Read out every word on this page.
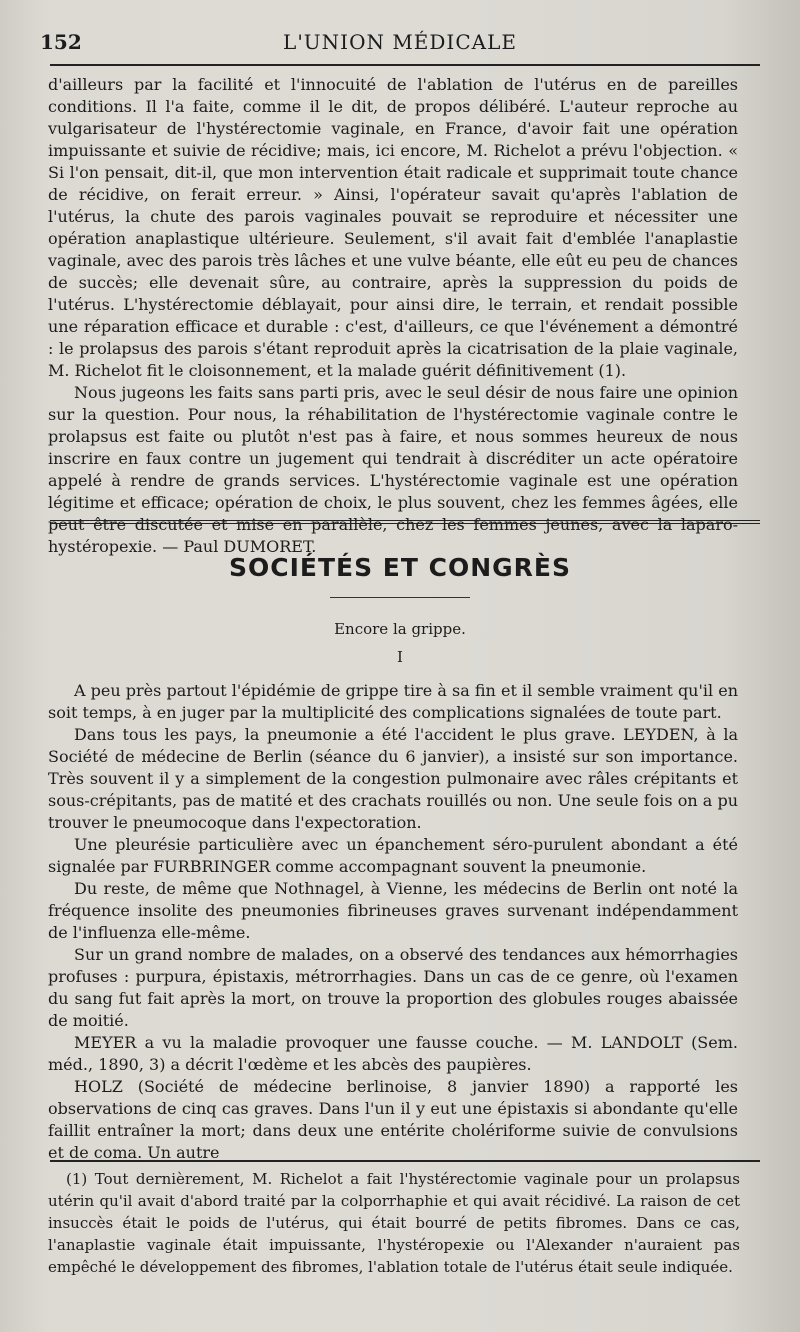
152	L'UNION MÉDICALE

d'ailleurs par la facilité et l'innocuité de l'ablation de l'utérus en de pareilles conditions. Il l'a faite, comme il le dit, de propos délibéré. L'auteur reproche au vulgarisateur de l'hystérectomie vaginale, en France, d'avoir fait une opération impuissante et suivie de récidive; mais, ici encore, M. Richelot a prévu l'objection. « Si l'on pensait, dit-il, que mon intervention était radicale et supprimait toute chance de récidive, on ferait erreur. » Ainsi, l'opérateur savait qu'après l'ablation de l'utérus, la chute des parois vaginales pouvait se reproduire et nécessiter une opération anaplastique ultérieure. Seulement, s'il avait fait d'emblée l'anaplastie vaginale, avec des parois très lâches et une vulve béante, elle eût eu peu de chances de succès; elle devenait sûre, au contraire, après la suppression du poids de l'utérus. L'hystérectomie déblayait, pour ainsi dire, le terrain, et rendait possible une réparation efficace et durable : c'est, d'ailleurs, ce que l'événement a démontré : le prolapsus des parois s'étant reproduit après la cicatrisation de la plaie vaginale, M. Richelot fit le cloisonnement, et la malade guérit définitivement (1).

Nous jugeons les faits sans parti pris, avec le seul désir de nous faire une opinion sur la question. Pour nous, la réhabilitation de l'hystérectomie vaginale contre le prolapsus est faite ou plutôt n'est pas à faire, et nous sommes heureux de nous inscrire en faux contre un jugement qui tendrait à discréditer un acte opératoire appelé à rendre de grands services. L'hystérectomie vaginale est une opération légitime et efficace; opération de choix, le plus souvent, chez les femmes âgées, elle peut être discutée et mise en parallèle, chez les femmes jeunes, avec la laparo-hystéropexie. — Paul DUMORET.

SOCIÉTÉS ET CONGRÈS
Encore la grippe.
I

A peu près partout l'épidémie de grippe tire à sa fin et il semble vraiment qu'il en soit temps, à en juger par la multiplicité des complications signalées de toute part.

Dans tous les pays, la pneumonie a été l'accident le plus grave. LEYDEN, à la Société de médecine de Berlin (séance du 6 janvier), a insisté sur son importance. Très souvent il y a simplement de la congestion pulmonaire avec râles crépitants et sous-crépitants, pas de matité et des crachats rouillés ou non. Une seule fois on a pu trouver le pneumocoque dans l'expectoration.

Une pleurésie particulière avec un épanchement séro-purulent abondant a été signalée par FURBRINGER comme accompagnant souvent la pneumonie.

Du reste, de même que Nothnagel, à Vienne, les médecins de Berlin ont noté la fréquence insolite des pneumonies fibrineuses graves survenant indépendamment de l'influenza elle-même.

Sur un grand nombre de malades, on a observé des tendances aux hémorrhagies profuses : purpura, épistaxis, métrorrhagies. Dans un cas de ce genre, où l'examen du sang fut fait après la mort, on trouve la proportion des globules rouges abaissée de moitié.

MEYER a vu la maladie provoquer une fausse couche. — M. LANDOLT (Sem. méd., 1890, 3) a décrit l'œdème et les abcès des paupières.

HOLZ (Société de médecine berlinoise, 8 janvier 1890) a rapporté les observations de cinq cas graves. Dans l'un il y eut une épistaxis si abondante qu'elle faillit entraîner la mort; dans deux une entérite cholériforme suivie de convulsions et de coma. Un autre

(1) Tout dernièrement, M. Richelot a fait l'hystérectomie vaginale pour un prolapsus utérin qu'il avait d'abord traité par la colporrhaphie et qui avait récidivé. La raison de cet insuccès était le poids de l'utérus, qui était bourré de petits fibromes. Dans ce cas, l'anaplastie vaginale était impuissante, l'hystéropexie ou l'Alexander n'auraient pas empêché le développement des fibromes, l'ablation totale de l'utérus était seule indiquée.
